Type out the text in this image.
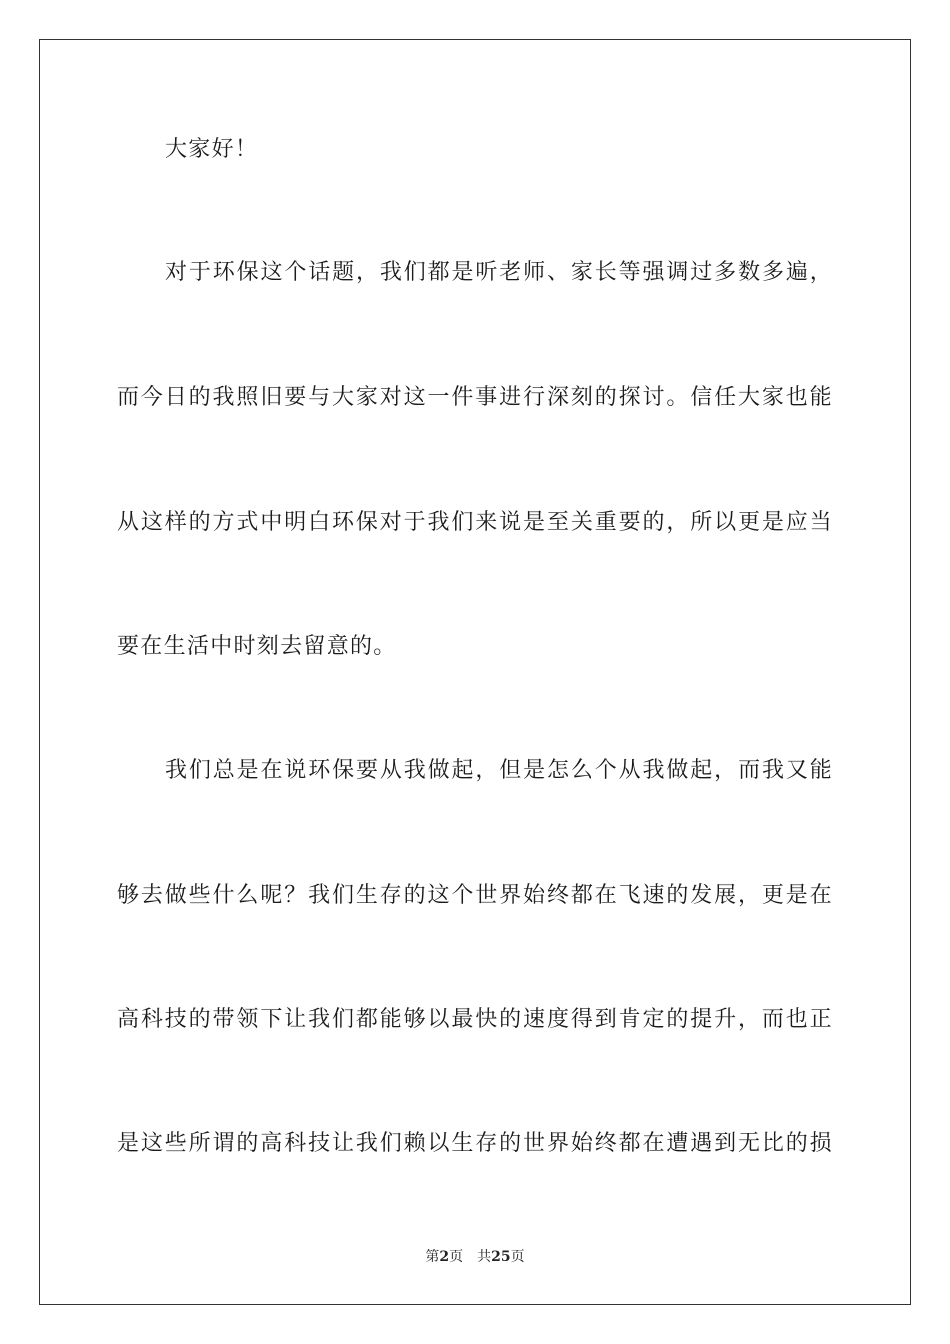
大家好！
对于环保这个话题，我们都是听老师、家长等强调过多数多遍，
而今日的我照旧要与大家对这一件事进行深刻的探讨。信任大家也能
从这样的方式中明白环保对于我们来说是至关重要的，所以更是应当
要在生活中时刻去留意的。
我们总是在说环保要从我做起，但是怎么个从我做起，而我又能
够去做些什么呢？我们生存的这个世界始终都在飞速的发展，更是在
高科技的带领下让我们都能够以最快的速度得到肯定的提升，而也正
是这些所谓的高科技让我们赖以生存的世界始终都在遭遇到无比的损
第2页 共25页
